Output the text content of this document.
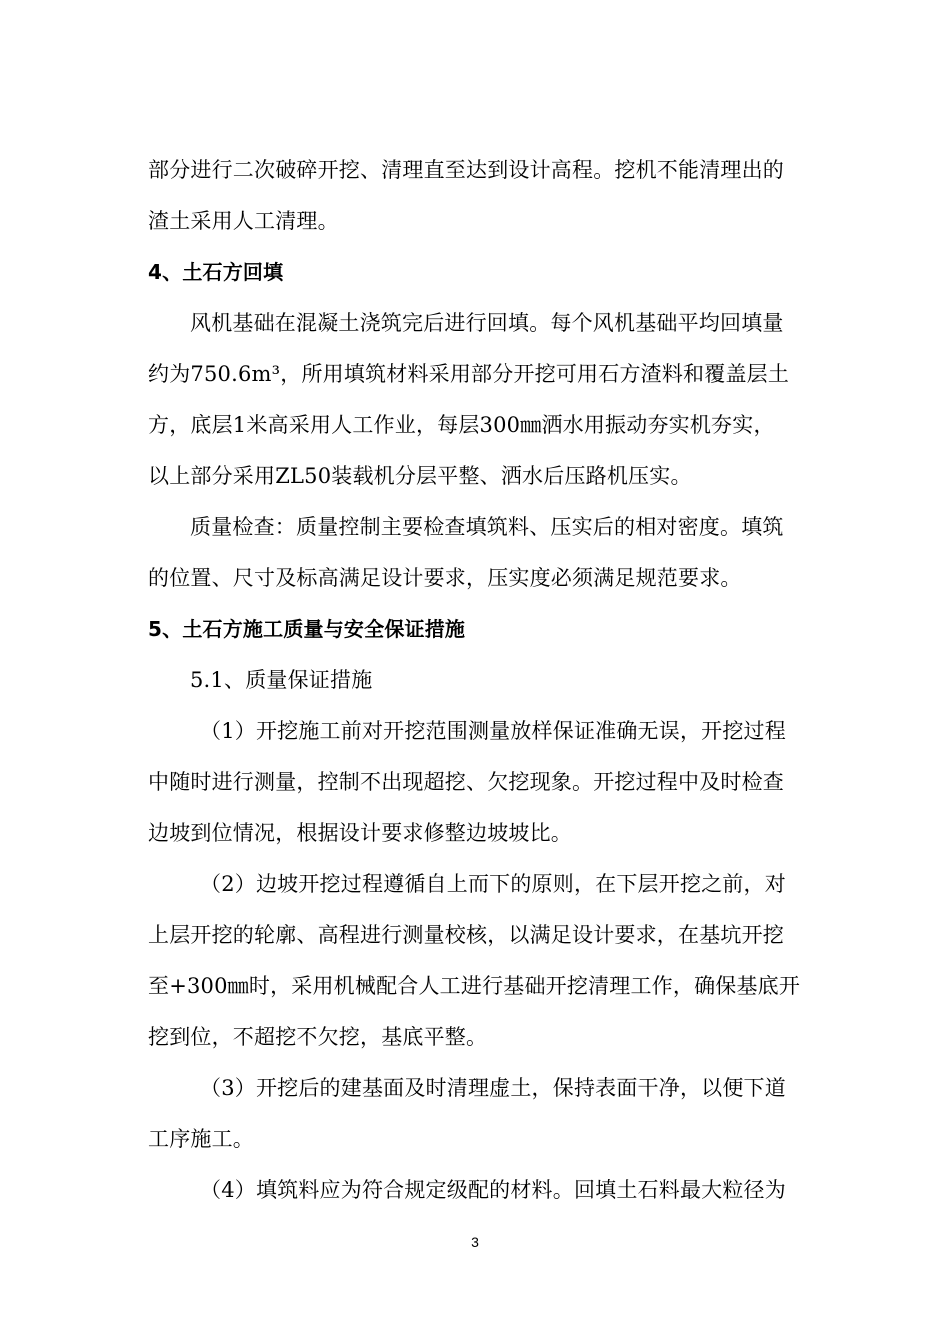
部分进行二次破碎开挖、清理直至达到设计高程。挖机不能清理出的
渣土采用人工清理。
4、土石方回填
风机基础在混凝土浇筑完后进行回填。每个风机基础平均回填量
约为750.6m³，所用填筑材料采用部分开挖可用石方渣料和覆盖层土
方，底层1米高采用人工作业，每层300㎜洒水用振动夯实机夯实，
以上部分采用ZL50装载机分层平整、洒水后压路机压实。
质量检查：质量控制主要检查填筑料、压实后的相对密度。填筑
的位置、尺寸及标高满足设计要求，压实度必须满足规范要求。
5、土石方施工质量与安全保证措施
5.1、质量保证措施
（1）开挖施工前对开挖范围测量放样保证准确无误，开挖过程
中随时进行测量，控制不出现超挖、欠挖现象。开挖过程中及时检查
边坡到位情况，根据设计要求修整边坡坡比。
（2）边坡开挖过程遵循自上而下的原则，在下层开挖之前，对
上层开挖的轮廓、高程进行测量校核，以满足设计要求，在基坑开挖
至+300㎜时，采用机械配合人工进行基础开挖清理工作，确保基底开
挖到位，不超挖不欠挖，基底平整。
（3）开挖后的建基面及时清理虚土，保持表面干净，以便下道
工序施工。
（4）填筑料应为符合规定级配的材料。回填土石料最大粒径为
3
